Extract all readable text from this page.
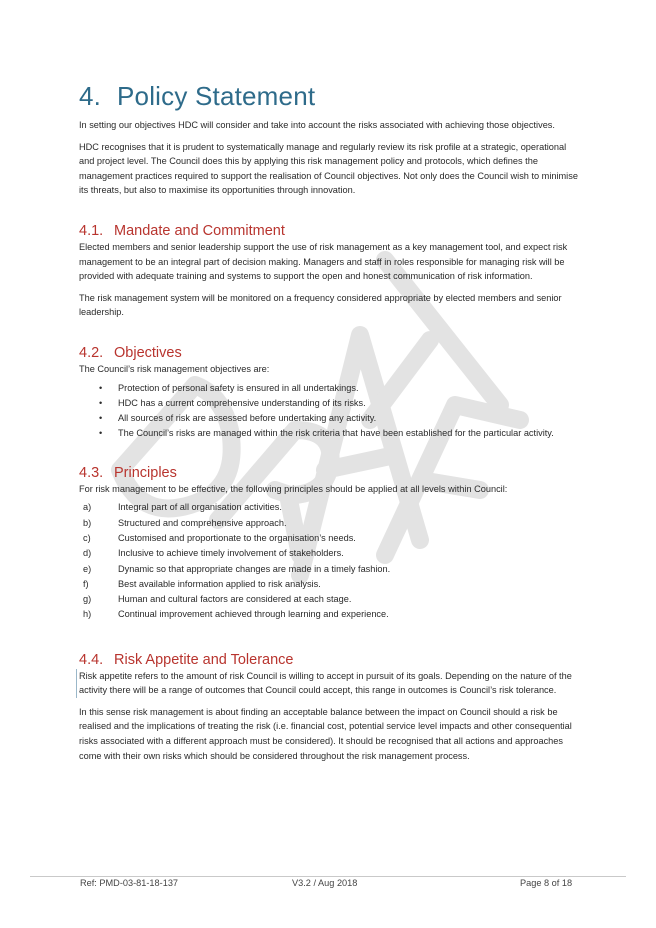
4. Policy Statement

In setting our objectives HDC will consider and take into account the risks associated with achieving those objectives.

HDC recognises that it is prudent to systematically manage and regularly review its risk profile at a strategic, operational and project level. The Council does this by applying this risk management policy and protocols, which defines the management practices required to support the realisation of Council objectives. Not only does the Council wish to minimise its threats, but also to maximise its opportunities through innovation.

4.1. Mandate and Commitment

Elected members and senior leadership support the use of risk management as a key management tool, and expect risk management to be an integral part of decision making. Managers and staff in roles responsible for managing risk will be provided with adequate training and systems to support the open and honest communication of risk information.

The risk management system will be monitored on a frequency considered appropriate by elected members and senior leadership.

4.2. Objectives

The Council’s risk management objectives are:

• Protection of personal safety is ensured in all undertakings.
• HDC has a current comprehensive understanding of its risks.
• All sources of risk are assessed before undertaking any activity.
• The Council’s risks are managed within the risk criteria that have been established for the particular activity.
4.3. Principles

For risk management to be effective, the following principles should be applied at all levels within Council:

a)	Integral part of all organisation activities.
b)	Structured and comprehensive approach.
c)	Customised and proportionate to the organisation’s needs.
d)	Inclusive to achieve timely involvement of stakeholders.
e)	Dynamic so that appropriate changes are made in a timely fashion.
f)	Best available information applied to risk analysis.
g)	Human and cultural factors are considered at each stage.
h)	Continual improvement achieved through learning and experience.
4.4. Risk Appetite and Tolerance

Risk appetite refers to the amount of risk Council is willing to accept in pursuit of its goals. Depending on the nature of the activity there will be a range of outcomes that Council could accept, this range in outcomes is Council’s risk tolerance.

In this sense risk management is about finding an acceptable balance between the impact on Council should a risk be realised and the implications of treating the risk (i.e. financial cost, potential service level impacts and other consequential risks associated with a different approach must be considered). It should be recognised that all actions and approaches come with their own risks which should be considered throughout the risk management process.

Ref: PMD-03-81-18-137	V3.2 / Aug 2018	Page 8 of 18
